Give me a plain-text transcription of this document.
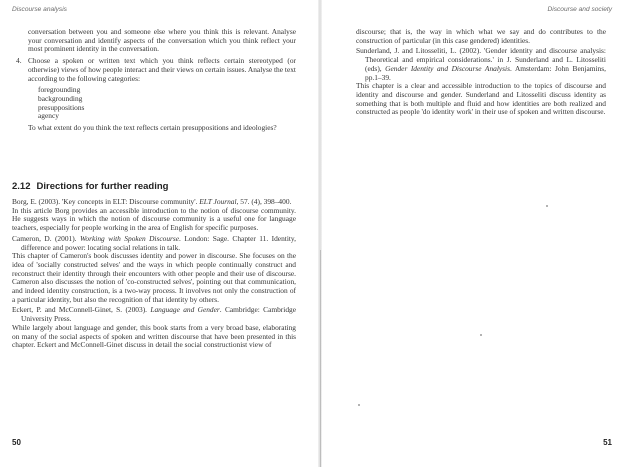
Discourse analysis

conversation between you and someone else where you think this is relevant. Analyse your conversation and identify aspects of the conversation which you think reflect your most prominent identity in the conversation.

4. Choose a spoken or written text which you think reflects certain stereotyped (or otherwise) views of how people interact and their views on certain issues. Analyse the text according to the following categories:

foregrounding
backgrounding
presuppositions
agency

To what extent do you think the text reflects certain presuppositions and ideologies?

2.12 Directions for further reading

Borg, E. (2003). 'Key concepts in ELT: Discourse community'. ELT Journal, 57. (4), 398–400.

In this article Borg provides an accessible introduction to the notion of discourse community. He suggests ways in which the notion of discourse community is a useful one for language teachers, especially for people working in the area of English for specific purposes.

Cameron, D. (2001). Working with Spoken Discourse. London: Sage. Chapter 11. Identity, difference and power: locating social relations in talk.

This chapter of Cameron's book discusses identity and power in discourse. She focuses on the idea of 'socially constructed selves' and the ways in which people continually construct and reconstruct their identity through their encounters with other people and their use of discourse. Cameron also discusses the notion of 'co-constructed selves', pointing out that communication, and indeed identity construction, is a two-way process. It involves not only the construction of a particular identity, but also the recognition of that identity by others.

Eckert, P. and McConnell-Ginet, S. (2003). Language and Gender. Cambridge: Cambridge University Press.

While largely about language and gender, this book starts from a very broad base, elaborating on many of the social aspects of spoken and written discourse that have been presented in this chapter. Eckert and McConnell-Ginet discuss in detail the social constructionist view of

50
Discourse and society

discourse; that is, the way in which what we say and do contributes to the construction of particular (in this case gendered) identities.

Sunderland, J. and Litosseliti, L. (2002). 'Gender identity and discourse analysis: Theoretical and empirical considerations.' in J. Sunderland and L. Litosseliti (eds), Gender Identity and Discourse Analysis. Amsterdam: John Benjamins, pp.1–39.

This chapter is a clear and accessible introduction to the topics of discourse and identity and discourse and gender. Sunderland and Litosseliti discuss identity as something that is both multiple and fluid and how identities are both realized and constructed as people 'do identity work' in their use of spoken and written discourse.

51
